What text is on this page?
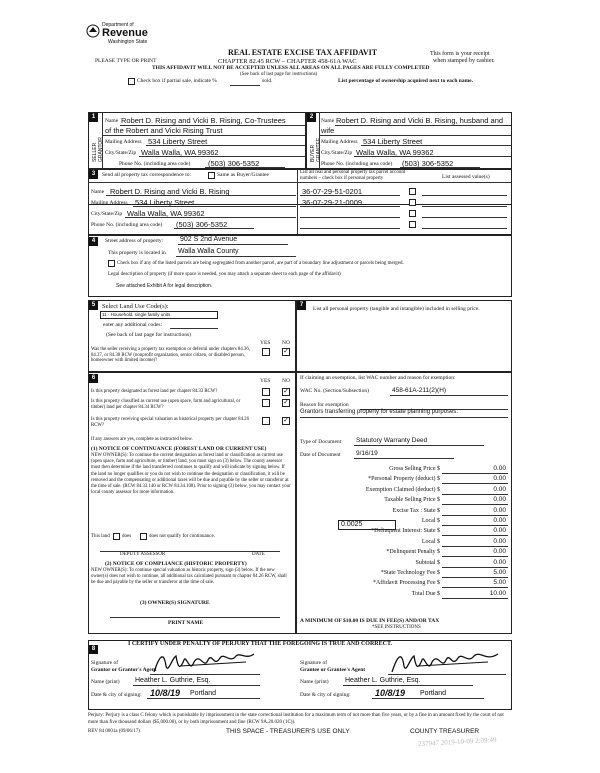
Department of
Revenue
Washington State
REAL ESTATE EXCISE TAX AFFIDAVIT
PLEASE TYPE OR PRINT	CHAPTER 82.45 RCW – CHAPTER 458-61A WAC
THIS AFFIDAVIT WILL NOT BE ACCEPTED UNLESS ALL AREAS ON ALL PAGES ARE FULLY COMPLETED
(See back of last page for instructions)
This form is your receipt
when stamped by cashier.
Check box if partial sale, indicate %	sold.	List percentage of ownership acquired next to each name.
1
SELLER GRANTOR
Name Robert D. Rising and Vicki B. Rising, Co-Trustees
of the Robert and Vicki Rising Trust
Mailing Address 534 Liberty Street
City/State/Zip Walla Walla, WA 99362
Phone No. (including area code) (503) 306-5352
2
BUYER GRANTEE
Name Robert D. Rising and Vicki B. Rising, husband and
wife
Mailing Address 534 Liberty Street
City/State/Zip Walla Walla, WA 99362
Phone No. (including area code) (503) 306-5352
3	Send all property tax correspondence to:	Same as Buyer/Grantee	List all real and personal property tax parcel account numbers – check box if personal property	List assessed value(s)
Name Robert D. Rising and Vicki B. Rising
Mailing Address 534 Liberty Street
City/State/Zip Walla Walla, WA 99362
Phone No. (including area code) (503) 306-5352
36-07-29-51-0201
36-07-29-21-0009
4	Street address of property: 902 S 2nd Avenue
This property is located in Walla Walla County
Check box if any of the listed parcels are being segregated from another parcel, are part of a boundary line adjustment or parcels being merged.
Legal description of property (if more space is needed, you may attach a separate sheet to each page of the affidavit)
See attached Exhibit A for legal description.
5	Select Land Use Code(s):
11 - Household, single family units
enter any additional codes:
(See back of last page for instructions)
YES NO
Was the seller receiving a property tax exemption or deferral under chapters 84.36, 84.37, or 84.38 RCW (nonprofit organization, senior citizen, or disabled person, homeowner with limited income)?
✓
7
List all personal property (tangible and intangible) included in selling price.
6	YES NO
Is this property designated as forest land per chapter 84.33 RCW?	✓
Is this property classified as current use (open space, farm and agricultural, or timber) land per chapter 84.34 RCW?
✓
Is this property receiving special valuation as historical property per chapter 84.26 RCW?
✓
If any answers are yes, complete as instructed below.
(1) NOTICE OF CONTINUANCE (FOREST LAND OR CURRENT USE)
NEW OWNER(S): To continue the current designation as forest land or classification as current use (open space, farm and agriculture, or timber) land, you must sign on (3) below. The county assessor must then determine if the land transferred continues to qualify and will indicate by signing below. If the land no longer qualifies or you do not wish to continue the designation or classification, it will be removed and the compensating or additional taxes will be due and payable by the seller or transferor at the time of sale. (RCW 84.33.140 or RCW 84.34.108). Prior to signing (3) below, you may contact your local county assessor for more information.
This land does	does not qualify for continuance.
DEPUTY ASSESSOR	DATE
(2) NOTICE OF COMPLIANCE (HISTORIC PROPERTY)
NEW OWNER(S): To continue special valuation as historic property, sign (3) below. If the new owner(s) does not wish to continue, all additional tax calculated pursuant to chapter 84.26 RCW, shall be due and payable by the seller or transferor at the time of sale.
(3) OWNER(S) SIGNATURE
PRINT NAME
If claiming an exemption, list WAC number and reason for exemption:
WAC No. (Section/Subsection)	458-61A-211(2)(H)
Reason for exemption
Grantors transferring property for estate planning purposes.
Type of Document Statutory Warranty Deed
Date of Document 9/16/19
Gross Selling Price $	0.00
*Personal Property (deduct) $	0.00
Exemption Claimed (deduct) $	0.00
Taxable Selling Price $	0.00
Excise Tax : State $	0.00
Local $	0.00
*Delinquent Interest: State $	0.00
Local $	0.00
*Delinquent Penalty $	0.00
Subtotal $	0.00
*State Technology Fee $	5.00
*Affidavit Processing Fee $	5.00
Total Due $	10.00
0.0025
A MINIMUM OF $10.00 IS DUE IN FEE(S) AND/OR TAX
*SEE INSTRUCTIONS
8
I CERTIFY UNDER PENALTY OF PERJURY THAT THE FOREGOING IS TRUE AND CORRECT.
Signature of
Grantor or Grantor's Agent
Name (print) Heather L. Guthrie, Esq.
Date & city of signing: 10/8/19 Portland
Signature of
Grantee or Grantee's Agent
Name (print) Heather L. Guthrie, Esq.
Date & city of signing:	10/8/19 Portland
Perjury: Perjury is a class C felony which is punishable by imprisonment in the state correctional institution for a maximum term of not more than five years, or by a fine in an amount fixed by the court of not more than five thousand dollars ($5,000.00), or by both imprisonment and fine (RCW 9A.20.020 (1C)).
REV 84 0001a (09/06/17)	THIS SPACE - TREASURER'S USE ONLY	COUNTY TREASURER
237947 2019-10-09 2:09:49
